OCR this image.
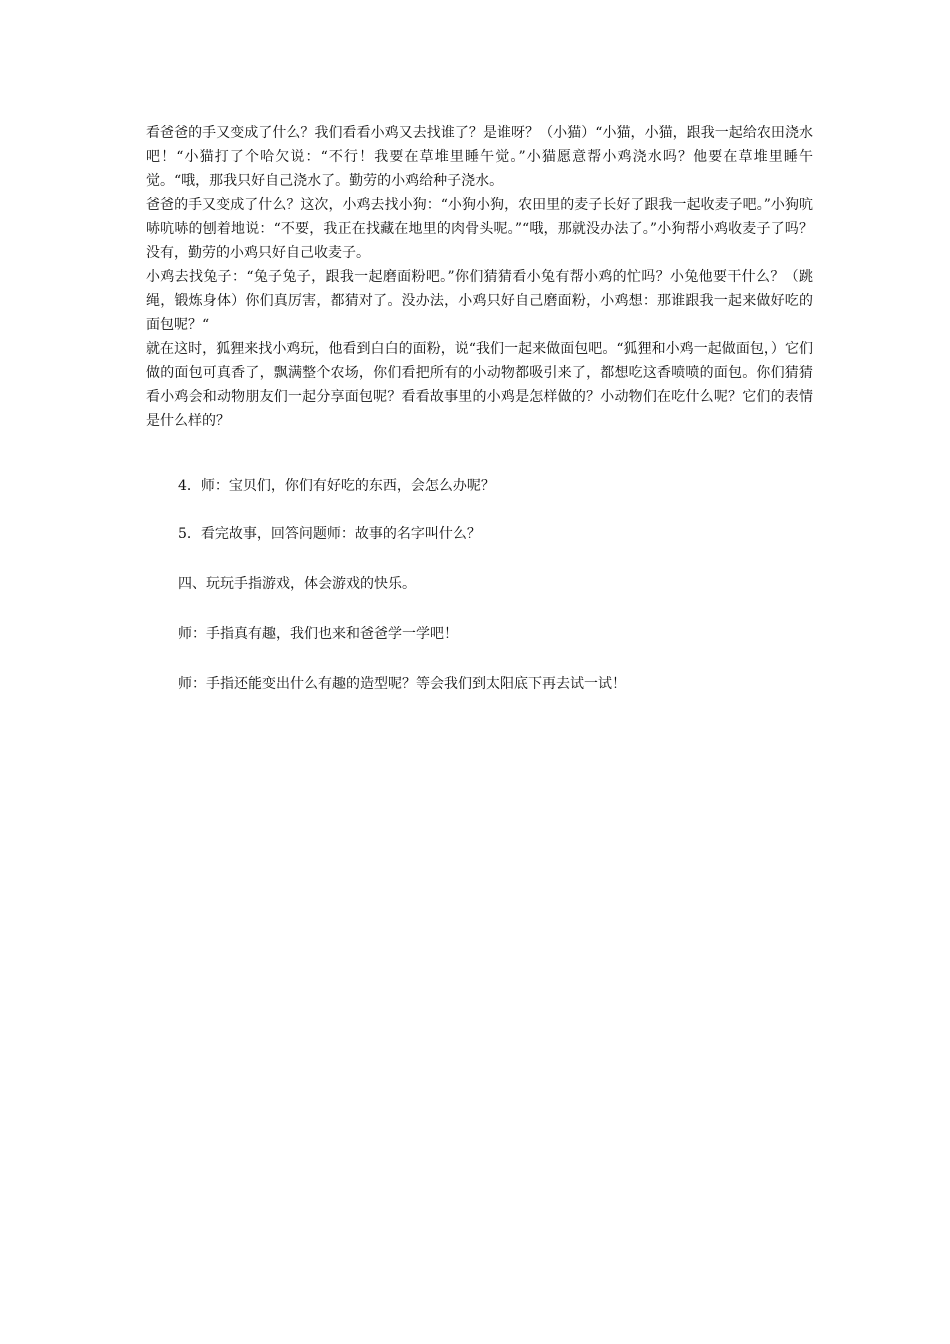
看爸爸的手又变成了什么？我们看看小鸡又去找谁了？是谁呀？（小猫）“小猫，小猫，跟我一起给农田浇水吧！“小猫打了个哈欠说：“不行！我要在草堆里睡午觉。”小猫愿意帮小鸡浇水吗？他要在草堆里睡午觉。“哦，那我只好自己浇水了。勤劳的小鸡给种子浇水。

爸爸的手又变成了什么？这次，小鸡去找小狗：“小狗小狗，农田里的麦子长好了跟我一起收麦子吧。”小狗吭哧吭哧的刨着地说：“不要，我正在找藏在地里的肉骨头呢。”“哦，那就没办法了。”小狗帮小鸡收麦子了吗？没有，勤劳的小鸡只好自己收麦子。

小鸡去找兔子：“兔子兔子，跟我一起磨面粉吧。”你们猜猜看小兔有帮小鸡的忙吗？小兔他要干什么？（跳绳，锻炼身体）你们真厉害，都猜对了。没办法，小鸡只好自己磨面粉，小鸡想：那谁跟我一起来做好吃的面包呢？“

就在这时，狐狸来找小鸡玩，他看到白白的面粉，说“我们一起来做面包吧。“狐狸和小鸡一起做面包，）它们做的面包可真香了，飘满整个农场，你们看把所有的小动物都吸引来了，都想吃这香喷喷的面包。你们猜猜看小鸡会和动物朋友们一起分享面包呢？看看故事里的小鸡是怎样做的？小动物们在吃什么呢？它们的表情是什么样的？

4．师：宝贝们，你们有好吃的东西，会怎么办呢？
5．看完故事，回答问题师：故事的名字叫什么？
四、玩玩手指游戏，体会游戏的快乐。
师：手指真有趣，我们也来和爸爸学一学吧！
师：手指还能变出什么有趣的造型呢？等会我们到太阳底下再去试一试！
